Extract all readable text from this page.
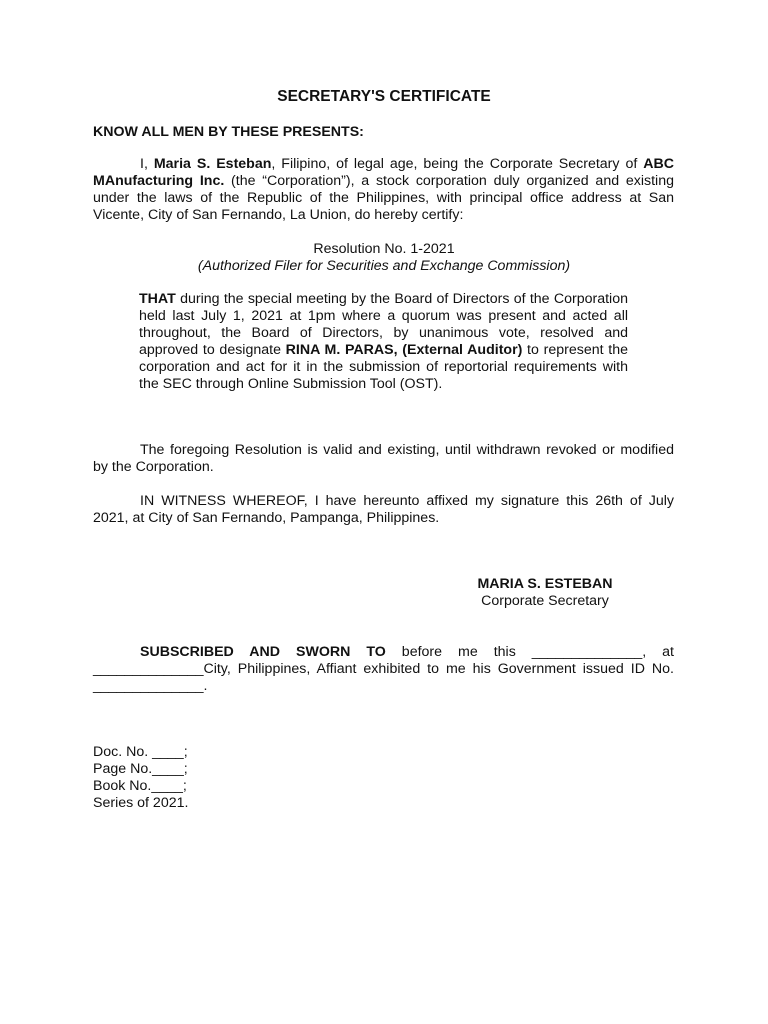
SECRETARY'S CERTIFICATE
KNOW ALL MEN BY THESE PRESENTS:
I, Maria S. Esteban, Filipino, of legal age, being the Corporate Secretary of ABC MAnufacturing Inc. (the “Corporation”), a stock corporation duly organized and existing under the laws of the Republic of the Philippines, with principal office address at San Vicente, City of San Fernando, La Union, do hereby certify:
Resolution No. 1-2021
(Authorized Filer for Securities and Exchange Commission)
THAT during the special meeting by the Board of Directors of the Corporation held last July 1, 2021 at 1pm where a quorum was present and acted all throughout, the Board of Directors, by unanimous vote, resolved and approved to designate RINA M. PARAS, (External Auditor) to represent the corporation and act for it in the submission of reportorial requirements with the SEC through Online Submission Tool (OST).
The foregoing Resolution is valid and existing, until withdrawn revoked or modified by the Corporation.
IN WITNESS WHEREOF, I have hereunto affixed my signature this 26th of July 2021, at City of San Fernando, Pampanga, Philippines.
MARIA S. ESTEBAN
Corporate Secretary
SUBSCRIBED AND SWORN TO before me this ______________, at ______________City, Philippines, Affiant exhibited to me his Government issued ID No. ______________.
Doc. No. ____;
Page No.____;
Book No.____;
Series of 2021.
